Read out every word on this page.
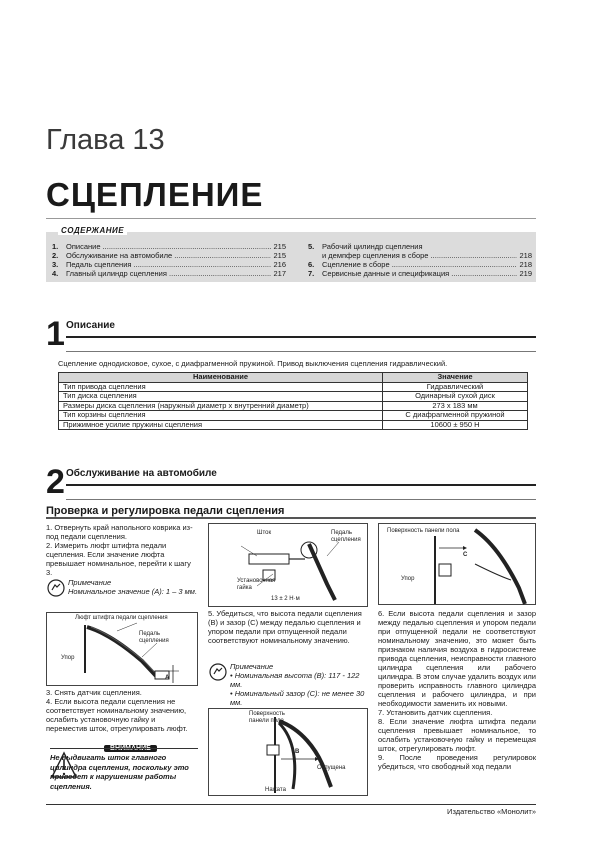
Глава 13
СЦЕПЛЕНИЕ
СОДЕРЖАНИЕ
1.	Описание .....	215
2.	Обслуживание на автомобиле .....	215
3.	Педаль сцепления .....	216
4.	Главный цилиндр сцепления .....	217
5.	Рабочий цилиндр сцепления
и демпфер сцепления в сборе .....	218
6.	Сцепление в сборе .....	218
7.	Сервисные данные и спецификация .....	219
1 Описание
Сцепление однодисковое, сухое, с диафрагменной пружиной. Привод выключения сцепления гидравлический.
Наименование	Значение
Тип привода сцепления	Гидравлический
Тип диска сцепления	Одинарный сухой диск
Размеры диска сцепления (наружный диаметр x внутренний диаметр)	273 x 183 мм
Тип корзины сцепления	С диафрагменной пружиной
Прижимное усилие пружины сцепления	10600 ± 950 Н
2 Обслуживание на автомобиле
Проверка и регулировка педали сцепления

1. Отвернуть край напольного коврика из-под педали сцепления.

2. Измерить люфт штифта педали сцепления. Если значение люфта превышает номинальное, перейти к шагу 3.

Примечание

Номинальное значение (А): 1 – 3 мм.

Люфт штифта педали сцепления
Педаль сцепления
Упор
A

3. Снять датчик сцепления.

4. Если высота педали сцепления не соответствует номинальному значению, ослабить установочную гайку и переместив шток, отрегулировать люфт.

ВНИМАНИЕ
Не выдвигать шток главного цилиндра сцепления, поскольку это приведет к нарушениям работы сцепления.
Шток	Педаль сцепления
Установочная гайка
13 ± 2 Н·м

5. Убедиться, что высота педали сцепления (В) и зазор (С) между педалью сцепления и упором педали при отпущенной педали соответствуют номинальному значению.

Примечание

• Номинальная высота (В): 117 - 122 мм.

• Номинальный зазор (С): не менее 30 мм.

Поверхность панели пола
B
Отпущена
Нажата
Поверхность панели пола
C
Упор

6. Если высота педали сцепления и зазор между педалью сцепления и упором педали при отпущенной педали не соответствуют номинальному значению, это может быть признаком наличия воздуха в гидросистеме привода сцепления, неисправности главного цилиндра сцепления или рабочего цилиндра. В этом случае удалить воздух или проверить исправность главного цилиндра сцепления и рабочего цилиндра, и при необходимости заменить их новыми.

7. Установить датчик сцепления.

8. Если значение люфта штифта педали сцепления превышает номинальное, то ослабить установочную гайку и перемещая шток, отрегулировать люфт.

9. После проведения регулировок убедиться, что свободный ход педали

Издательство «Монолит»
